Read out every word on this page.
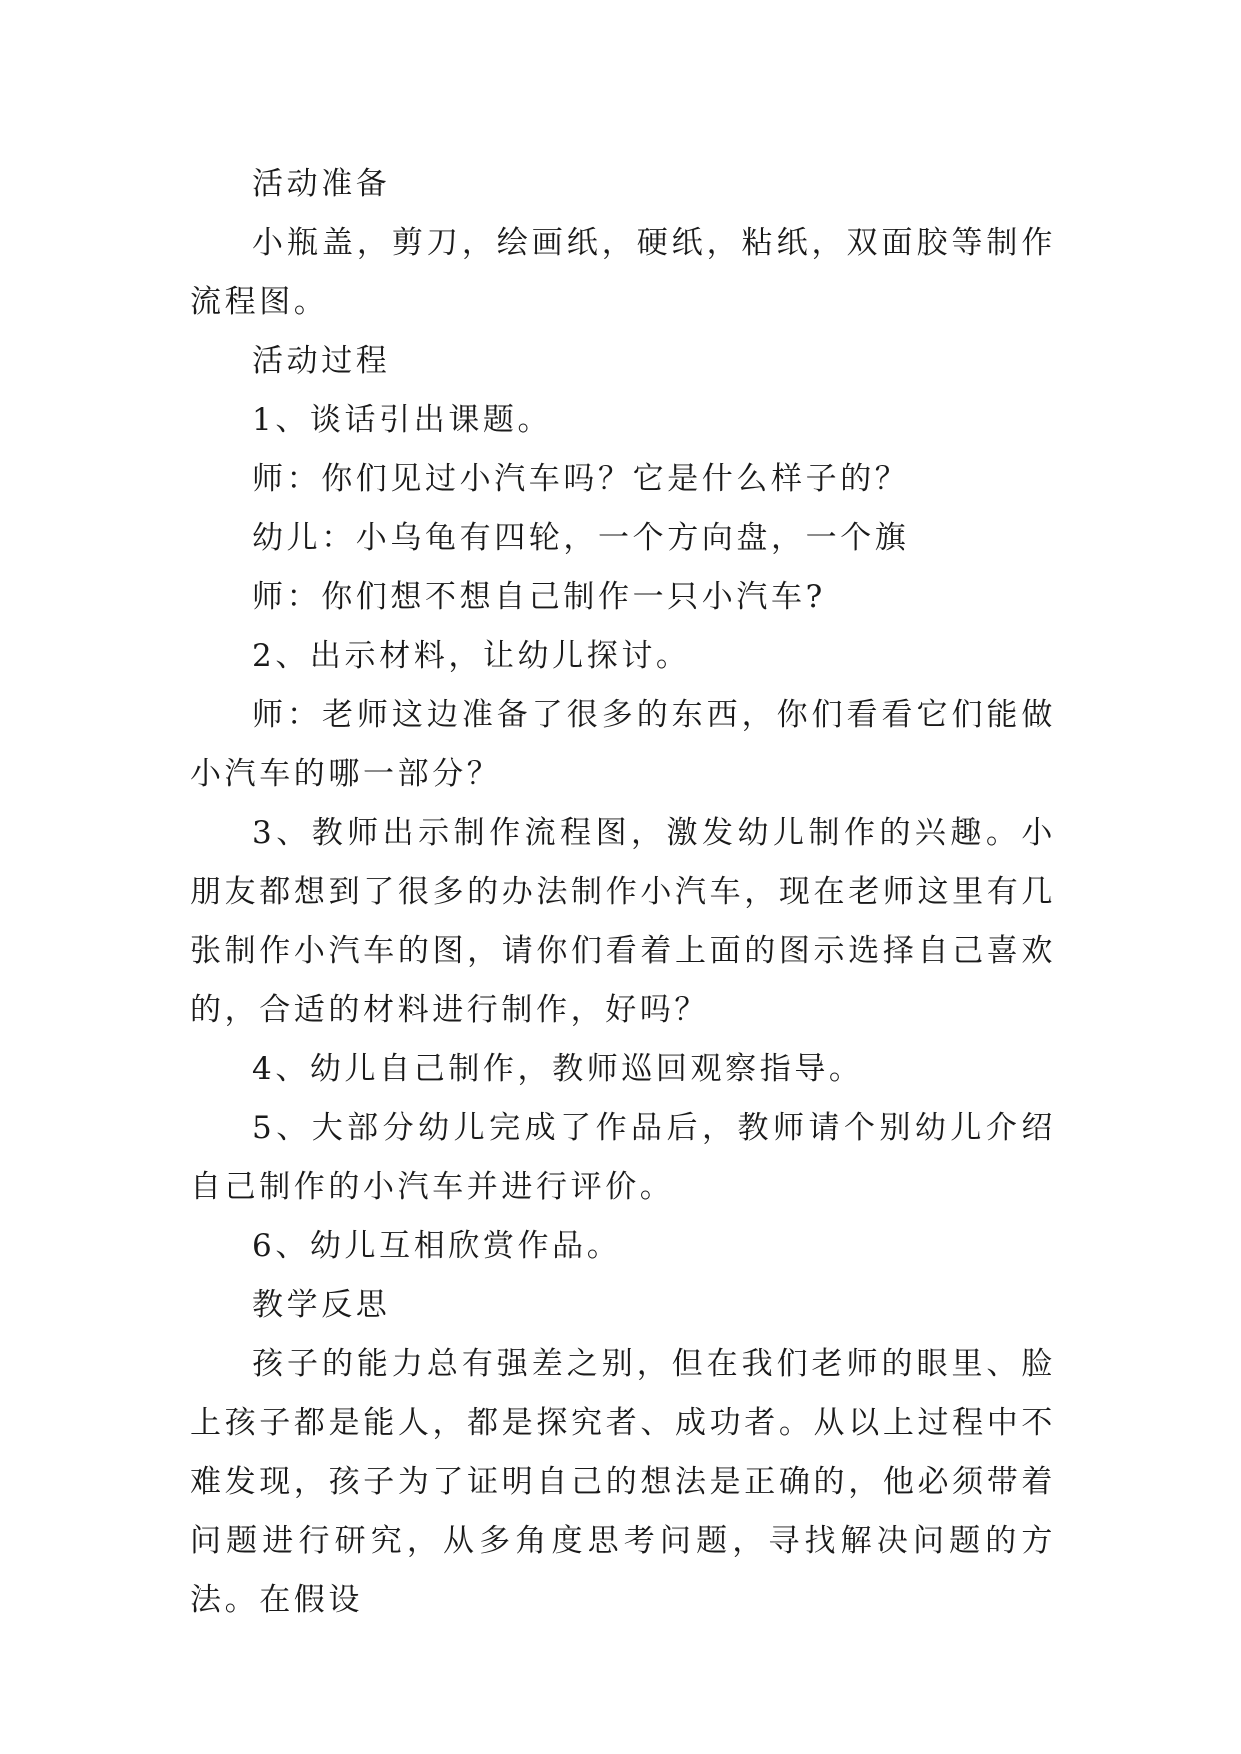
活动准备

小瓶盖，剪刀，绘画纸，硬纸，粘纸，双面胶等制作流程图。

活动过程

1、谈话引出课题。

师：你们见过小汽车吗？它是什么样子的？

幼儿：小乌龟有四轮，一个方向盘，一个旗

师：你们想不想自己制作一只小汽车?

2、出示材料，让幼儿探讨。

师：老师这边准备了很多的东西，你们看看它们能做小汽车的哪一部分？

3、教师出示制作流程图，激发幼儿制作的兴趣。小朋友都想到了很多的办法制作小汽车，现在老师这里有几张制作小汽车的图，请你们看着上面的图示选择自己喜欢的，合适的材料进行制作，好吗？

4、幼儿自己制作，教师巡回观察指导。

5、大部分幼儿完成了作品后，教师请个别幼儿介绍自己制作的小汽车并进行评价。

6、幼儿互相欣赏作品。

教学反思

孩子的能力总有强差之别，但在我们老师的眼里、脸上孩子都是能人，都是探究者、成功者。从以上过程中不难发现，孩子为了证明自己的想法是正确的，他必须带着问题进行研究，从多角度思考问题，寻找解决问题的方法。在假设
